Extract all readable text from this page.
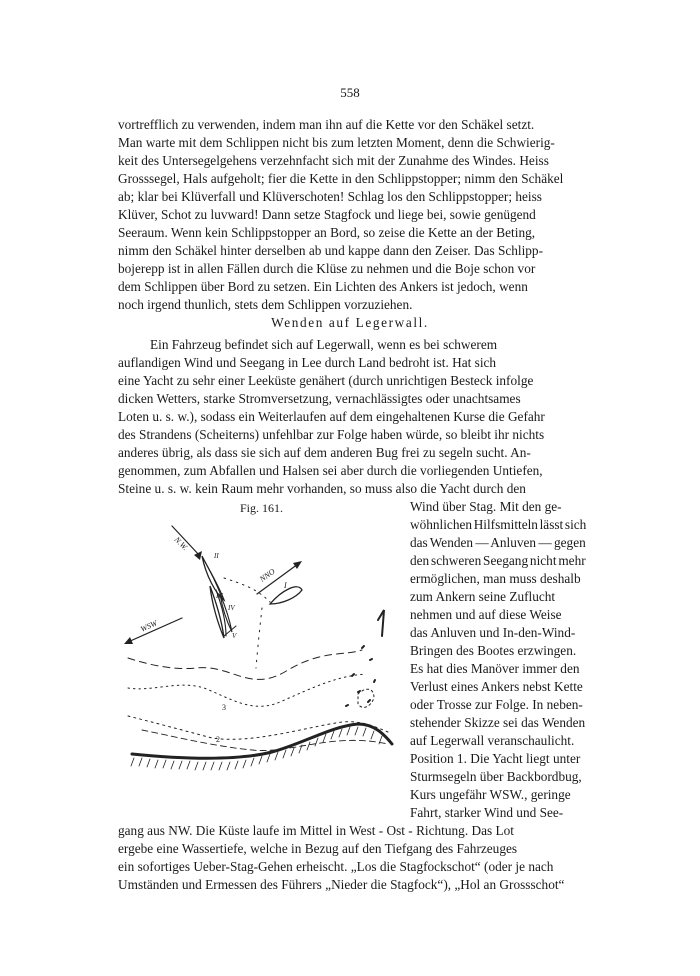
558
vortrefflich zu verwenden, indem man ihn auf die Kette vor den Schäkel setzt.
Man warte mit dem Schlippen nicht bis zum letzten Moment, denn die Schwierig-
keit des Untersegelgehens verzehnfacht sich mit der Zunahme des Windes. Heiss
Grosssegel, Hals aufgeholt; fier die Kette in den Schlippstopper; nimm den Schäkel
ab; klar bei Klüverfall und Klüverschoten! Schlag los den Schlippstopper; heiss
Klüver, Schot zu luvward! Dann setze Stagfock und liege bei, sowie genügend
Seeraum. Wenn kein Schlippstopper an Bord, so zeise die Kette an der Beting,
nimm den Schäkel hinter derselben ab und kappe dann den Zeiser. Das Schlipp-
bojerepp ist in allen Fällen durch die Klüse zu nehmen und die Boje schon vor
dem Schlippen über Bord zu setzen. Ein Lichten des Ankers ist jedoch, wenn
noch irgend thunlich, stets dem Schlippen vorzuziehen.
Wenden auf Legerwall.
Ein Fahrzeug befindet sich auf Legerwall, wenn es bei schwerem
auflandigen Wind und Seegang in Lee durch Land bedroht ist. Hat sich
eine Yacht zu sehr einer Leeküste genähert (durch unrichtigen Besteck infolge
dicken Wetters, starke Stromversetzung, vernachlässigtes oder unachtsames
Loten u. s. w.), sodass ein Weiterlaufen auf dem eingehaltenen Kurse die Gefahr
des Strandens (Scheiterns) unfehlbar zur Folge haben würde, so bleibt ihr nichts
anderes übrig, als dass sie sich auf dem anderen Bug frei zu segeln sucht. An-
genommen, zum Abfallen und Halsen sei aber durch die vorliegenden Untiefen,
Steine u. s. w. kein Raum mehr vorhanden, so muss also die Yacht durch den
Fig. 161.
N.W.
NNO
WSW
I
II
III
IV
V
3
2
Wind über Stag. Mit den ge-
wöhnlichen Hilfsmitteln lässt sich
das Wenden — Anluven — gegen
den schweren Seegang nicht mehr
ermöglichen, man muss deshalb
zum Ankern seine Zuflucht
nehmen und auf diese Weise
das Anluven und In-den-Wind-
Bringen des Bootes erzwingen.
Es hat dies Manöver immer den
Verlust eines Ankers nebst Kette
oder Trosse zur Folge. In neben-
stehender Skizze sei das Wenden
auf Legerwall veranschaulicht.
Position 1. Die Yacht liegt unter
Sturmsegeln über Backbordbug,
Kurs ungefähr WSW., geringe
Fahrt, starker Wind und See-
gang aus NW. Die Küste laufe im Mittel in West - Ost - Richtung. Das Lot
ergebe eine Wassertiefe, welche in Bezug auf den Tiefgang des Fahrzeuges
ein sofortiges Ueber-Stag-Gehen erheischt. „Los die Stagfockschot“ (oder je nach
Umständen und Ermessen des Führers „Nieder die Stagfock“), „Hol an Grossschot“
